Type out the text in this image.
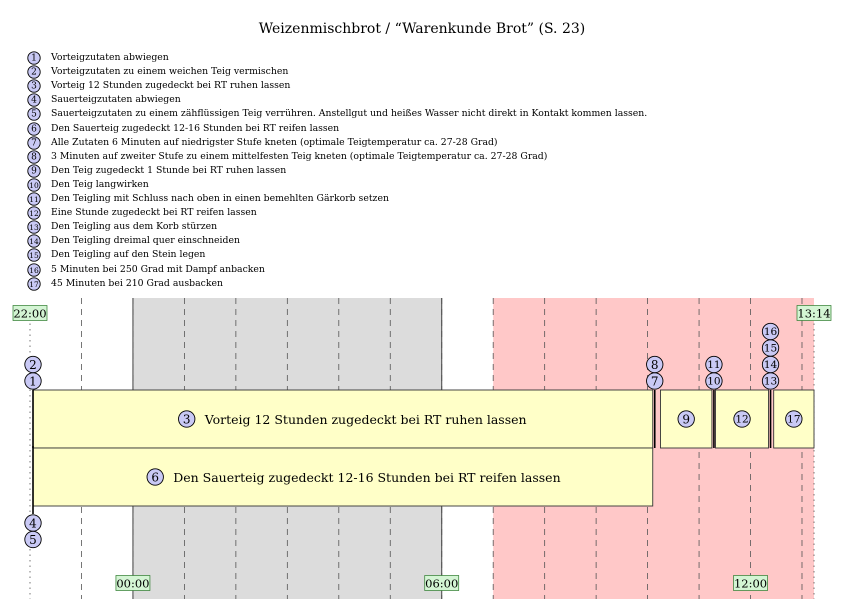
Weizenmischbrot / “Warenkunde Brot” (S. 23)
1 Vorteigzutaten abwiegen
2 Vorteigzutaten zu einem weichen Teig vermischen
3 Vorteig 12 Stunden zugedeckt bei RT ruhen lassen
4 Sauerteigzutaten abwiegen
5 Sauerteigzutaten zu einem zähflüssigen Teig verrühren. Anstellgut und heißes Wasser nicht direkt in Kontakt kommen lassen.
6 Den Sauerteig zugedeckt 12-16 Stunden bei RT reifen lassen
7 Alle Zutaten 6 Minuten auf niedrigster Stufe kneten (optimale Teigtemperatur ca. 27-28 Grad)
8 3 Minuten auf zweiter Stufe zu einem mittelfesten Teig kneten (optimale Teigtemperatur ca. 27-28 Grad)
9 Den Teig zugedeckt 1 Stunde bei RT ruhen lassen
10 Den Teig langwirken
11 Den Teigling mit Schluss nach oben in einen bemehlten Gärkorb setzen
12 Eine Stunde zugedeckt bei RT reifen lassen
13 Den Teigling aus dem Korb stürzen
14 Den Teigling dreimal quer einschneiden
15 Den Teigling auf den Stein legen
16 5 Minuten bei 250 Grad mit Dampf anbacken
17 45 Minuten bei 210 Grad ausbacken
22:00	13:14
00:00	06:00	12:00
3 Vorteig 12 Stunden zugedeckt bei RT ruhen lassen	9	12	17
1
2
7
8
10
11
13
14
15
16
6 Den Sauerteig zugedeckt 12-16 Stunden bei RT reifen lassen
4
5
